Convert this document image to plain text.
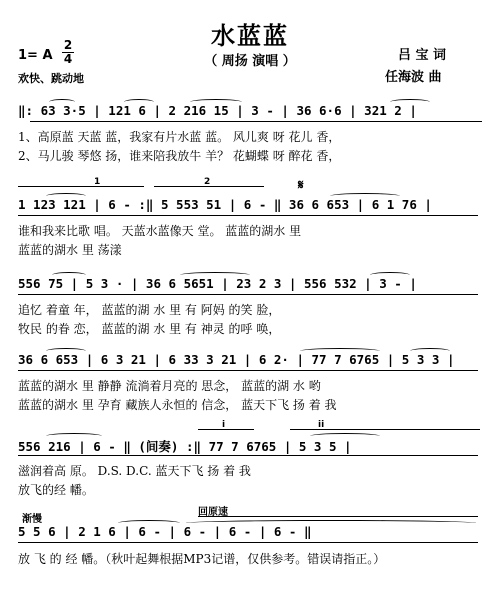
水蓝蓝
（ 周扬 演唱 ）	吕 宝 词
任海波 曲
1= A
2
4
欢快、跳动地
‖: 63 3·5 | 121 6 | 2 216 15 | 3 - | 36 6·6 | 321 2 |
1、高原蓝 天蓝 蓝，我家有片水蓝 蓝。 风儿爽 呀 花儿 香，
2、马儿骏 琴悠 扬，谁来陪我放牛 羊？ 花蝴蝶 呀 醉花 香，
1	2	𝄋
1 123 121 | 6 - :‖ 5 553 51 | 6 - ‖ 36 6 653 | 6 1 76 |
谁和我来比歌 唱。 天蓝水蓝像天 堂。 蓝蓝的湖水 里
蓝蓝的湖水 里 荡漾
556 75 | 5 3 · | 36 6 5651 | 23 2 3 | 556 532 | 3 - |
追忆 着童 年， 蓝蓝的湖 水 里 有 阿妈 的笑 脸，
牧民 的眷 恋， 蓝蓝的湖 水 里 有 神灵 的呼 唤，
36 6 653 | 6 3 21 | 6 33 3 21 | 6 2· | 77 7 6765 | 5 3 3 |
蓝蓝的湖水 里 静静 流淌着月亮的 思念， 蓝蓝的湖 水 哟
蓝蓝的湖水 里 孕育 藏族人永恒的 信念， 蓝天下飞 扬 着 我
i	ii
556 216 | 6 - ‖ (间奏) :‖ 77 7 6765 | 5 3 5 |
滋润着高 原。 D.S. D.C. 蓝天下飞 扬 着 我
放飞的经 幡。
渐慢
回原速
5 5 6 | 2 1 6 | 6 - | 6 - | 6 - | 6 - ‖
放 飞 的 经 幡。（秋叶起舞根据MP3记谱，仅供参考。错误请指正。）
